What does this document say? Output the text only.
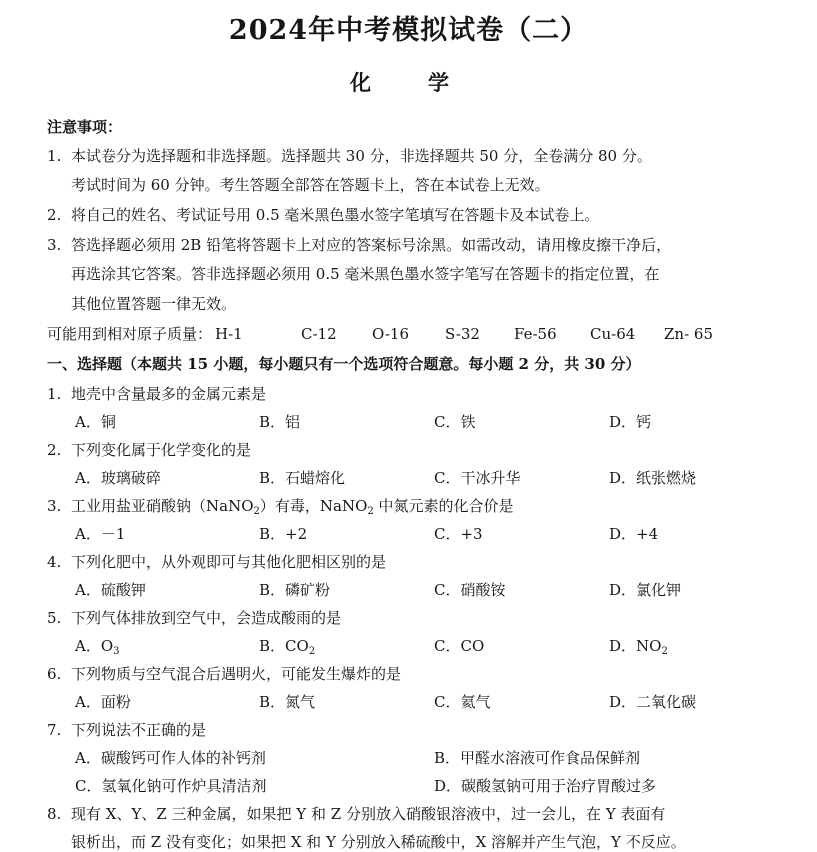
2024年中考模拟试卷（二）
化　学
注意事项：
1. 本试卷分为选择题和非选择题。选择题共 30 分，非选择题共 50 分，全卷满分 80 分。
考试时间为 60 分钟。考生答题全部答在答题卡上，答在本试卷上无效。
2. 将自己的姓名、考试证号用 0.5 毫米黑色墨水签字笔填写在答题卡及本试卷上。
3. 答选择题必须用 2B 铅笔将答题卡上对应的答案标号涂黑。如需改动，请用橡皮擦干净后，
再选涂其它答案。答非选择题必须用 0.5 毫米黑色墨水签字笔写在答题卡的指定位置，在
其他位置答题一律无效。
可能用到相对原子质量： H-1	C-12 O-16 S-32 Fe-56 Cu-64 Zn- 65
一、选择题（本题共 15 小题，每小题只有一个选项符合题意。每小题 2 分，共 30 分）
1. 地壳中含量最多的金属元素是
A．铜	B．铝	C．铁	D．钙
2. 下列变化属于化学变化的是
A．玻璃破碎	B．石蜡熔化	C．干冰升华	D．纸张燃烧
3. 工业用盐亚硝酸钠（NaNO$_2$）有毒，NaNO$_2$ 中氮元素的化合价是
A．－1	B．+2	C．+3	D．+4
4. 下列化肥中，从外观即可与其他化肥相区别的是
A．硫酸钾	B．磷矿粉	C．硝酸铵	D．氯化钾
5. 下列气体排放到空气中，会造成酸雨的是
A．$O_3$	B．$CO_2$	C．CO	D．$NO_2$
6. 下列物质与空气混合后遇明火，可能发生爆炸的是
A．面粉	B．氮气	C．氦气	D．二氧化碳
7. 下列说法不正确的是
A．碳酸钙可作人体的补钙剂	B．甲醛水溶液可作食品保鲜剂
C．氢氧化钠可作炉具清洁剂	D．碳酸氢钠可用于治疗胃酸过多
8. 现有 X、Y、Z 三种金属，如果把 Y 和 Z 分别放入硝酸银溶液中，过一会儿，在 Y 表面有
银析出，而 Z 没有变化；如果把 X 和 Y 分别放入稀硫酸中，X 溶解并产生气泡，Y 不反应。
